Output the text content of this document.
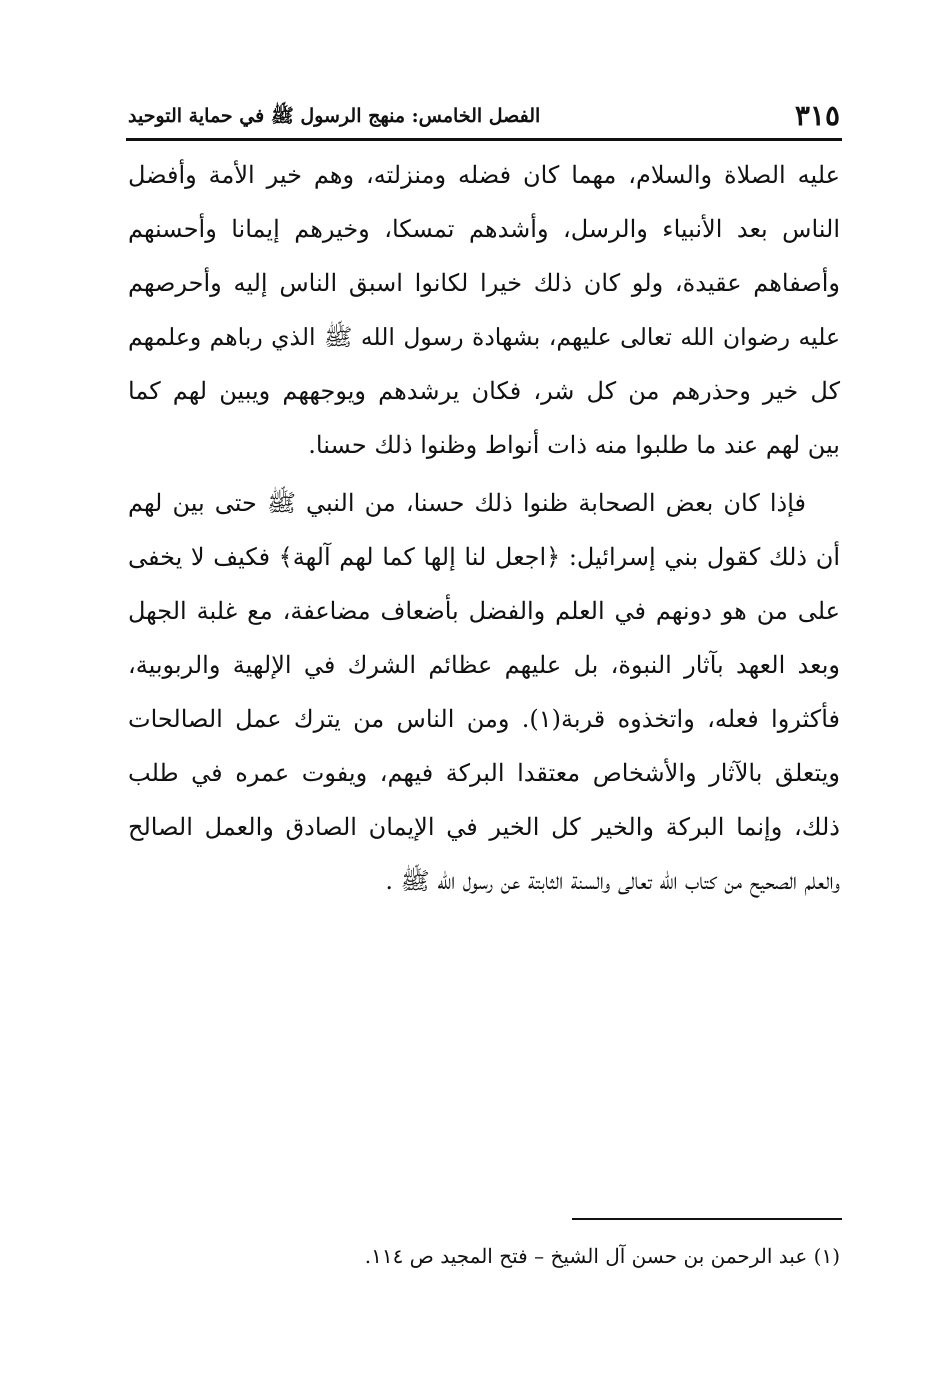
٣١٥
الفصل الخامس: منهج الرسول ﷺ في حماية التوحيد
عليه الصلاة والسلام، مهما كان فضله ومنزلته، وهم خير الأمة وأفضل
الناس بعد الأنبياء والرسل، وأشدهم تمسكا، وخيرهم إيمانا وأحسنهم
وأصفاهم عقيدة، ولو كان ذلك خيرا لكانوا اسبق الناس إليه وأحرصهم
عليه رضوان الله تعالى عليهم، بشهادة رسول الله ﷺ الذي رباهم وعلمهم
كل خير وحذرهم من كل شر، فكان يرشدهم ويوجههم ويبين لهم كما
بين لهم عند ما طلبوا منه ذات أنواط وظنوا ذلك حسنا.
فإذا كان بعض الصحابة ظنوا ذلك حسنا، من النبي ﷺ حتى بين لهم
أن ذلك كقول بني إسرائيل: ﴿اجعل لنا إلها كما لهم آلهة﴾ فكيف لا يخفى
على من هو دونهم في العلم والفضل بأضعاف مضاعفة، مع غلبة الجهل
وبعد العهد بآثار النبوة، بل عليهم عظائم الشرك في الإلهية والربوبية،
فأكثروا فعله، واتخذوه قربة(١). ومن الناس من يترك عمل الصالحات
ويتعلق بالآثار والأشخاص معتقدا البركة فيهم، ويفوت عمره في طلب
ذلك، وإنما البركة والخير كل الخير في الإيمان الصادق والعمل الصالح
والعلم الصحيح من كتاب الله تعالى والسنة الثابتة عن رسول الله ﷺ .
(١) عبد الرحمن بن حسن آل الشيخ – فتح المجيد ص ١١٤.
